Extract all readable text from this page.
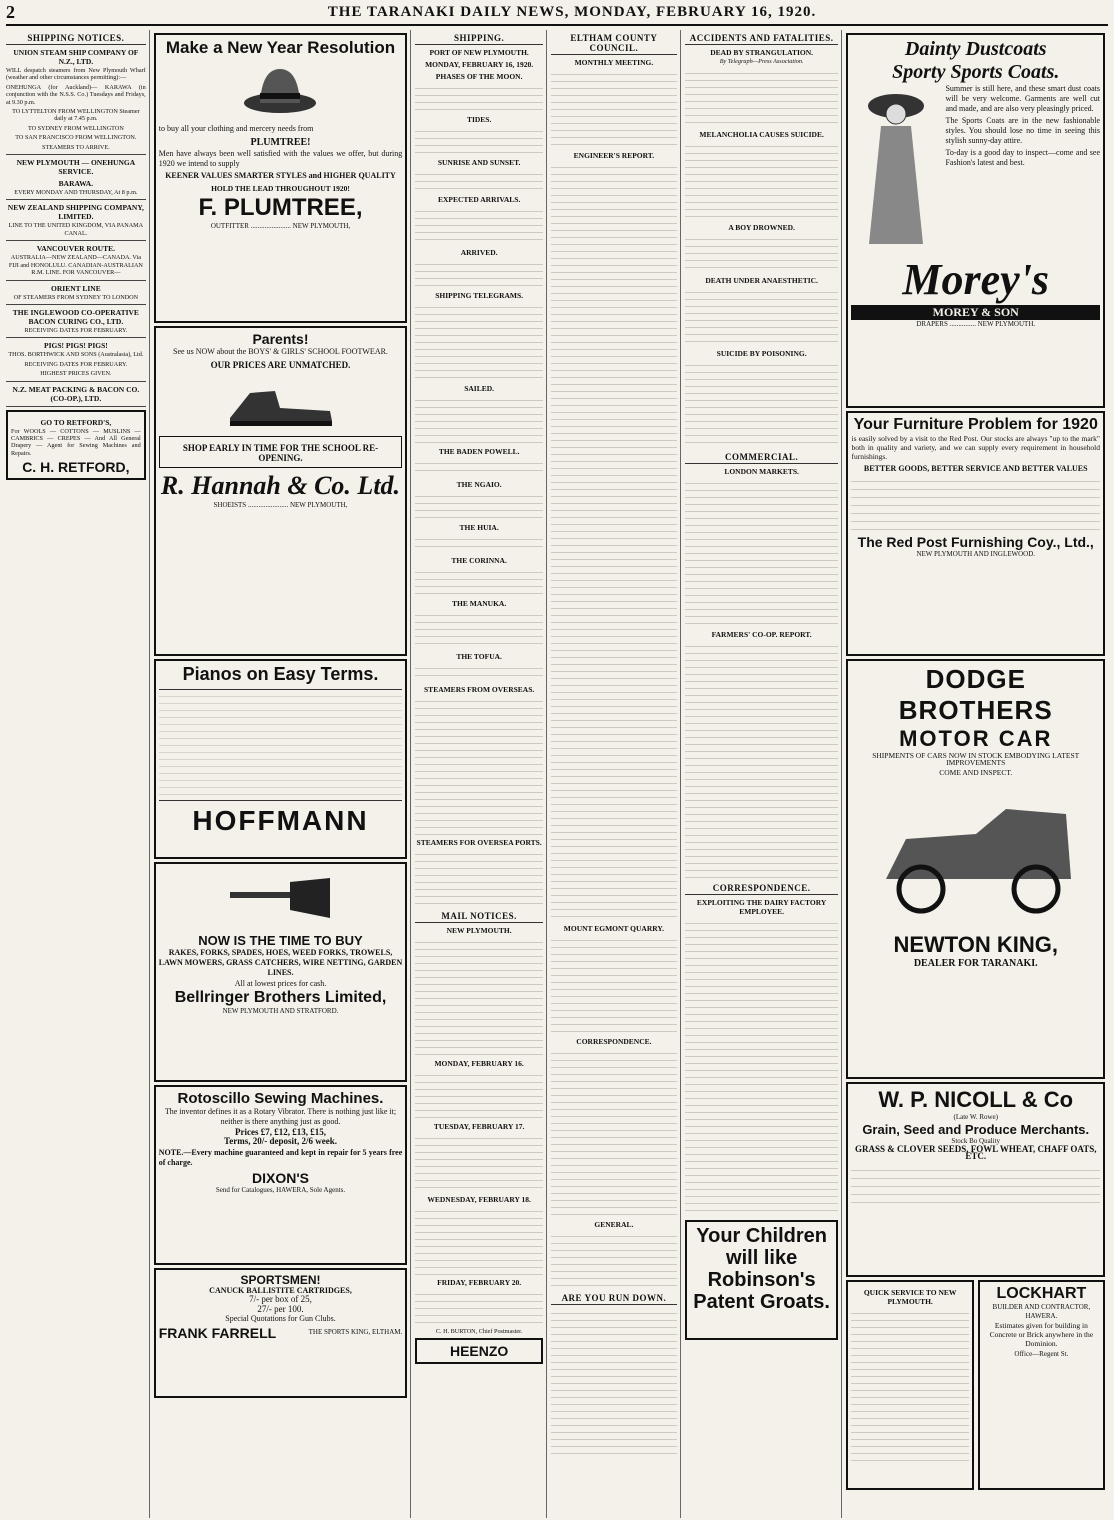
2	THE TARANAKI DAILY NEWS, MONDAY, FEBRUARY 16, 1920.
SHIPPING NOTICES.
UNION STEAM SHIP COMPANY OF N.Z., LTD.

WILL despatch steamers from New Plymouth Wharf (weather and other circumstances permitting):—

ONEHUNGA (for Auckland)— KARAWA (in conjunction with the N.S.S. Co.) Tuesdays and Fridays, at 9.30 p.m.

TO LYTTELTON FROM WELLINGTON Steamer daily at 7.45 p.m.

TO SYDNEY FROM WELLINGTON

TO SAN FRANCISCO FROM WELLINGTON.

STEAMERS TO ARRIVE.

NEW PLYMOUTH — ONEHUNGA SERVICE.
BARAWA.

EVERY MONDAY AND THURSDAY, At 8 p.m.

NEW ZEALAND SHIPPING COMPANY, LIMITED.

LINE TO THE UNITED KINGDOM, VIA PANAMA CANAL.

VANCOUVER ROUTE.

AUSTRALIA—NEW ZEALAND—CANADA. Via FIJI and HONOLULU. CANADIAN-AUSTRALIAN R.M. LINE. FOR VANCOUVER—

ORIENT LINE

OF STEAMERS FROM SYDNEY TO LONDON

THE INGLEWOOD CO-OPERATIVE BACON CURING CO., LTD.

RECEIVING DATES FOR FEBRUARY.

PIGS! PIGS! PIGS!

THOS. BORTHWICK AND SONS (Australasia), Ltd.

RECEIVING DATES FOR FEBRUARY.

HIGHEST PRICES GIVEN.

N.Z. MEAT PACKING & BACON CO. (CO-OP.), LTD.
GO TO RETFORD'S,

For WOOLS — COTTONS — MUSLINS — CAMBRICS — CREPES — And All General Drapery — Agent for Sewing Machines and Repairs.

C. H. RETFORD,
Make a New Year Resolution

to buy all your clothing and mercery needs from

PLUMTREE!

Men have always been well satisfied with the values we offer, but during 1920 we intend to supply

KEENER VALUES SMARTER STYLES and HIGHER QUALITY

HOLD THE LEAD THROUGHOUT 1920!
F. PLUMTREE,
OUTFITTER ....................... NEW PLYMOUTH,
Parents!

See us NOW about the BOYS' & GIRLS' SCHOOL FOOTWEAR.

OUR PRICES ARE UNMATCHED.
SHOP EARLY IN TIME FOR THE SCHOOL RE-OPENING.
R. Hannah & Co. Ltd.
SHOEISTS ....................... NEW PLYMOUTH,
Pianos on Easy Terms.
HOFFMANN
NOW IS THE TIME TO BUY

RAKES, FORKS, SPADES, HOES, WEED FORKS, TROWELS, LAWN MOWERS, GRASS CATCHERS, WIRE NETTING, GARDEN LINES.

All at lowest prices for cash.

Bellringer Brothers Limited,
NEW PLYMOUTH AND STRATFORD.
Rotoscillo Sewing Machines.

The inventor defines it as a Rotary Vibrator. There is nothing just like it; neither is there anything just as good.

Prices £7, £12, £13, £15,

Terms, 20/- deposit, 2/6 week.

NOTE.—Every machine guaranteed and kept in repair for 5 years free of charge.

DIXON'S
Send for Catalogues, HAWERA, Sole Agents.
SPORTSMEN!

CANUCK BALLISTITE CARTRIDGES,

7/- per box of 25,

27/- per 100.

Special Quotations for Gun Clubs.

FRANK FARRELL	THE SPORTS KING, ELTHAM.
SHIPPING.
PORT OF NEW PLYMOUTH.
MONDAY, FEBRUARY 16, 1920.
PHASES OF THE MOON.
TIDES.
SUNRISE AND SUNSET.
EXPECTED ARRIVALS.
ARRIVED.
SHIPPING TELEGRAMS.
SAILED.
THE BADEN POWELL.
THE NGAIO.
THE HUIA.
THE CORINNA.
THE MANUKA.
THE TOFUA.
STEAMERS FROM OVERSEAS.
STEAMERS FOR OVERSEA PORTS.
MAIL NOTICES.
NEW PLYMOUTH.
MONDAY, FEBRUARY 16.
TUESDAY, FEBRUARY 17.
WEDNESDAY, FEBRUARY 18.
FRIDAY, FEBRUARY 20.

C. H. BURTON, Chief Postmaster.

HEENZO
ELTHAM COUNTY COUNCIL.
MONTHLY MEETING.
ENGINEER'S REPORT.
MOUNT EGMONT QUARRY.
CORRESPONDENCE.
GENERAL.
ARE YOU RUN DOWN.
ACCIDENTS AND FATALITIES.
DEAD BY STRANGULATION.

By Telegraph—Press Association.

MELANCHOLIA CAUSES SUICIDE.
A BOY DROWNED.
DEATH UNDER ANAESTHETIC.
SUICIDE BY POISONING.
COMMERCIAL.
LONDON MARKETS.
FARMERS' CO-OP. REPORT.
CORRESPONDENCE.
EXPLOITING THE DAIRY FACTORY EMPLOYEE.
Your Children will like Robinson's Patent Groats.
Dainty Dustcoats
Sporty Sports Coats.

Summer is still here, and these smart dust coats will be very welcome. Garments are well cut and made, and are also very pleasingly priced.

The Sports Coats are in the new fashionable styles. You should lose no time in seeing this stylish sunny-day attire.

To-day is a good day to inspect—come and see Fashion's latest and best.

Morey's
MOREY & SON
DRAPERS ............... NEW PLYMOUTH.
Your Furniture Problem for 1920

is easily solved by a visit to the Red Post. Our stocks are always "up to the mark" both in quality and variety, and we can supply every requirement in household furnishings.

BETTER GOODS, BETTER SERVICE AND BETTER VALUES
The Red Post Furnishing Coy., Ltd.,
NEW PLYMOUTH AND INGLEWOOD.
DODGE BROTHERS
MOTOR CAR

SHIPMENTS OF CARS NOW IN STOCK EMBODYING LATEST IMPROVEMENTS

COME AND INSPECT.

NEWTON KING,
DEALER FOR TARANAKI.
W. P. NICOLL & Co
(Late W. Rowe)
Grain, Seed and Produce Merchants.
Stock Bo Quality

GRASS & CLOVER SEEDS, FOWL WHEAT, CHAFF OATS, ETC.

QUICK SERVICE TO NEW PLYMOUTH.	LOCKHART
BUILDER AND CONTRACTOR, HAWERA.

Estimates given for building in Concrete or Brick anywhere in the Dominion.

Office—Regent St.
